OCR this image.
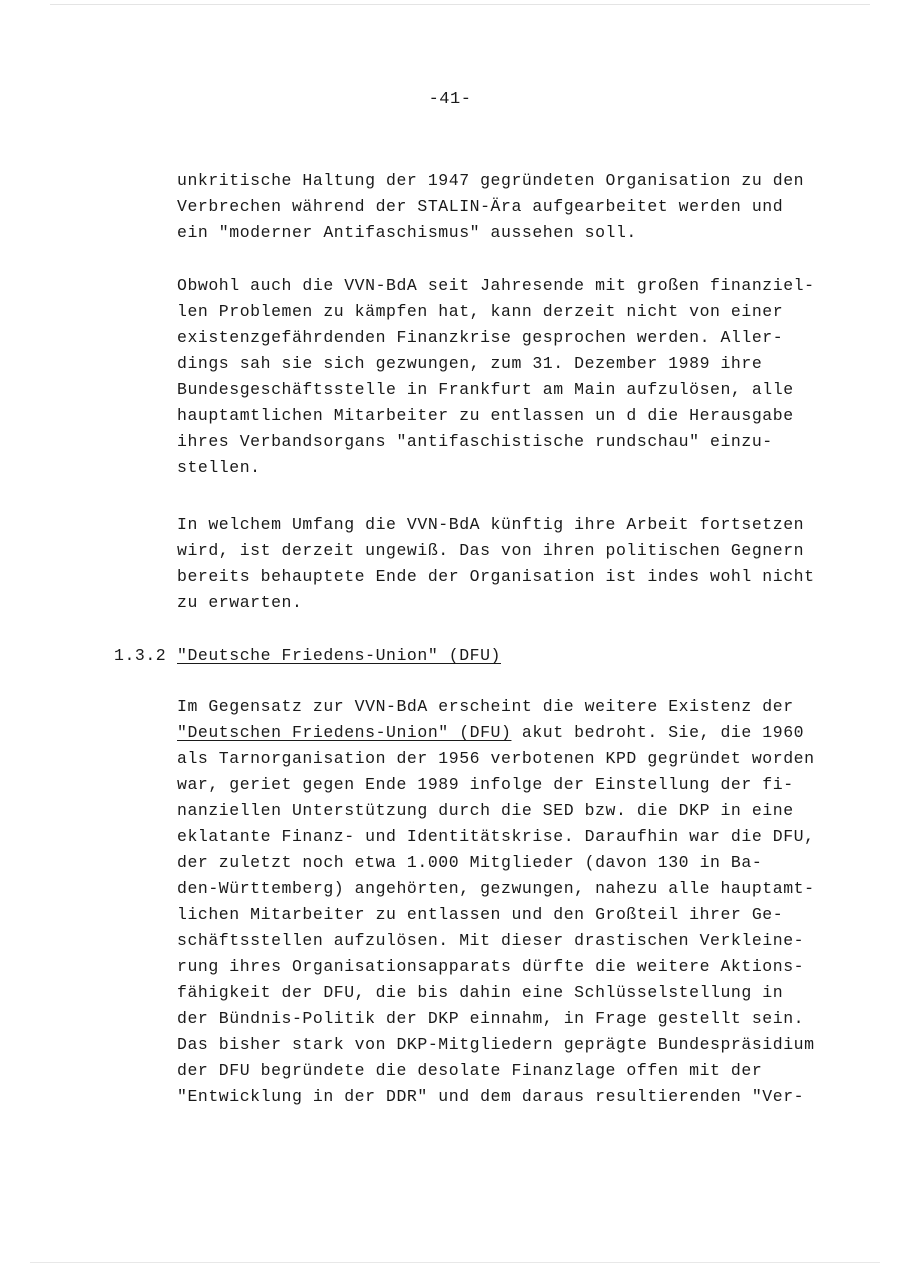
-41-
unkritische Haltung der 1947 gegründeten Organisation zu den
Verbrechen während der STALIN-Ära aufgearbeitet werden und
ein "moderner Antifaschismus" aussehen soll.
Obwohl auch die VVN-BdA seit Jahresende mit großen finanziel-
len Problemen zu kämpfen hat, kann derzeit nicht von einer
existenzgefährdenden Finanzkrise gesprochen werden. Aller-
dings sah sie sich gezwungen, zum 31. Dezember 1989 ihre
Bundesgeschäftsstelle in Frankfurt am Main aufzulösen, alle
hauptamtlichen Mitarbeiter zu entlassen un d die Herausgabe
ihres Verbandsorgans "antifaschistische rundschau" einzu-
stellen.
In welchem Umfang die VVN-BdA künftig ihre Arbeit fortsetzen
wird, ist derzeit ungewiß. Das von ihren politischen Gegnern
bereits behauptete Ende der Organisation ist indes wohl nicht
zu erwarten.
1.3.2 "Deutsche Friedens-Union" (DFU)
Im Gegensatz zur VVN-BdA erscheint die weitere Existenz der
"Deutschen Friedens-Union" (DFU) akut bedroht. Sie, die 1960
als Tarnorganisation der 1956 verbotenen KPD gegründet worden
war, geriet gegen Ende 1989 infolge der Einstellung der fi-
nanziellen Unterstützung durch die SED bzw. die DKP in eine
eklatante Finanz- und Identitätskrise. Daraufhin war die DFU,
der zuletzt noch etwa 1.000 Mitglieder (davon 130 in Ba-
den-Württemberg) angehörten, gezwungen, nahezu alle hauptamt-
lichen Mitarbeiter zu entlassen und den Großteil ihrer Ge-
schäftsstellen aufzulösen. Mit dieser drastischen Verkleine-
rung ihres Organisationsapparats dürfte die weitere Aktions-
fähigkeit der DFU, die bis dahin eine Schlüsselstellung in
der Bündnis-Politik der DKP einnahm, in Frage gestellt sein.
Das bisher stark von DKP-Mitgliedern geprägte Bundespräsidium
der DFU begründete die desolate Finanzlage offen mit der
"Entwicklung in der DDR" und dem daraus resultierenden "Ver-
